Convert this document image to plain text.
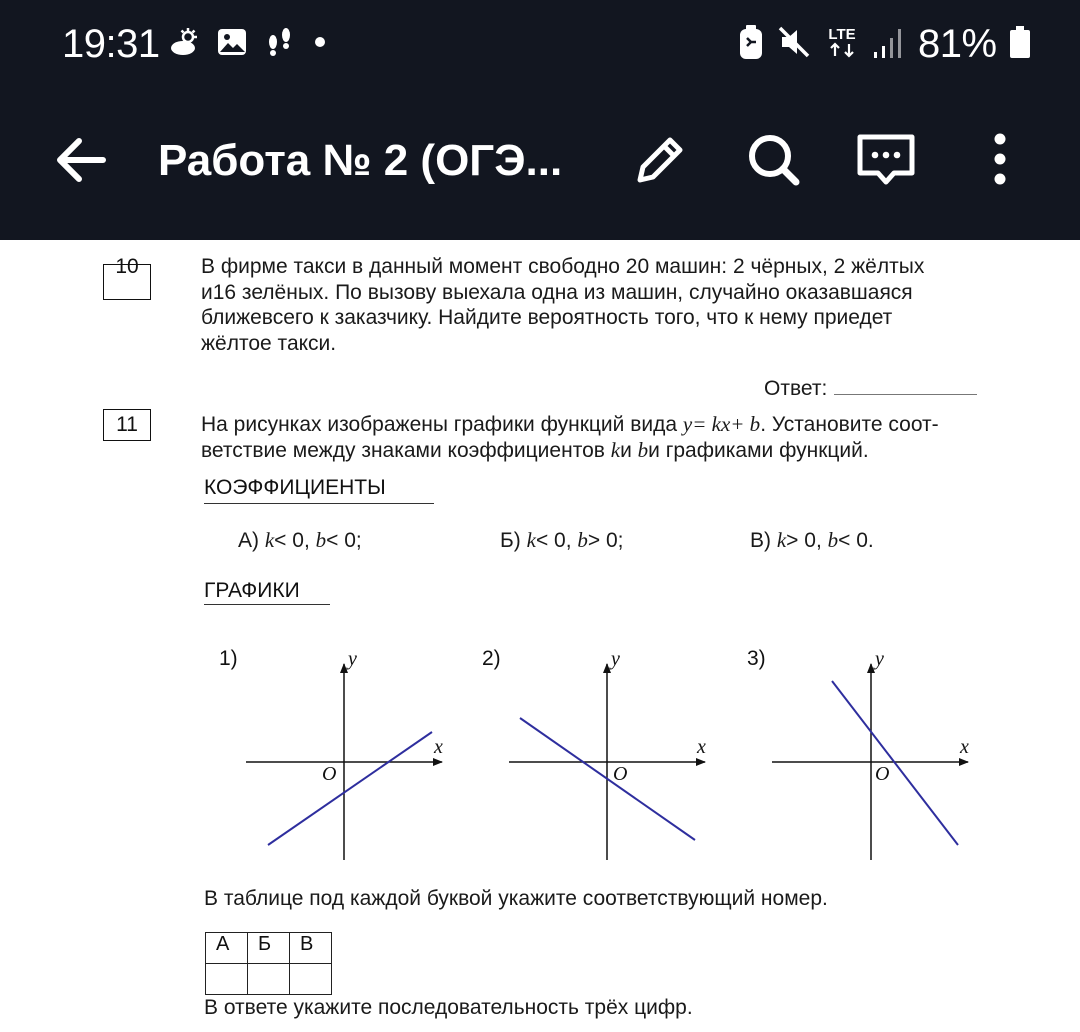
19:31	LTE 81%
Работа № 2 (ОГЭ...
10	В фирме такси в данный момент свободно 20 машин: 2 чёрных, 2 жёлтых
и16 зелёных. По вызову выехала одна из машин, случайно оказавшаяся
ближевсего к заказчику. Найдите вероятность того, что к нему приедет
жёлтое такси.
Ответ:
11	На рисунках изображены графики функций вида y= kx+ b. Установите соот-
ветствие между знаками коэффициентов kи bи графиками функций.
КОЭФФИЦИЕНТЫ
А) k< 0, b< 0;	Б) k< 0, b> 0;	В) k> 0, b< 0.
ГРАФИКИ
1)
x
y
O
2)
x
y
O
3)
x
y
O
В таблице под каждой буквой укажите соответствующий номер.
А	Б	В

В ответе укажите последовательность трёх цифр.
